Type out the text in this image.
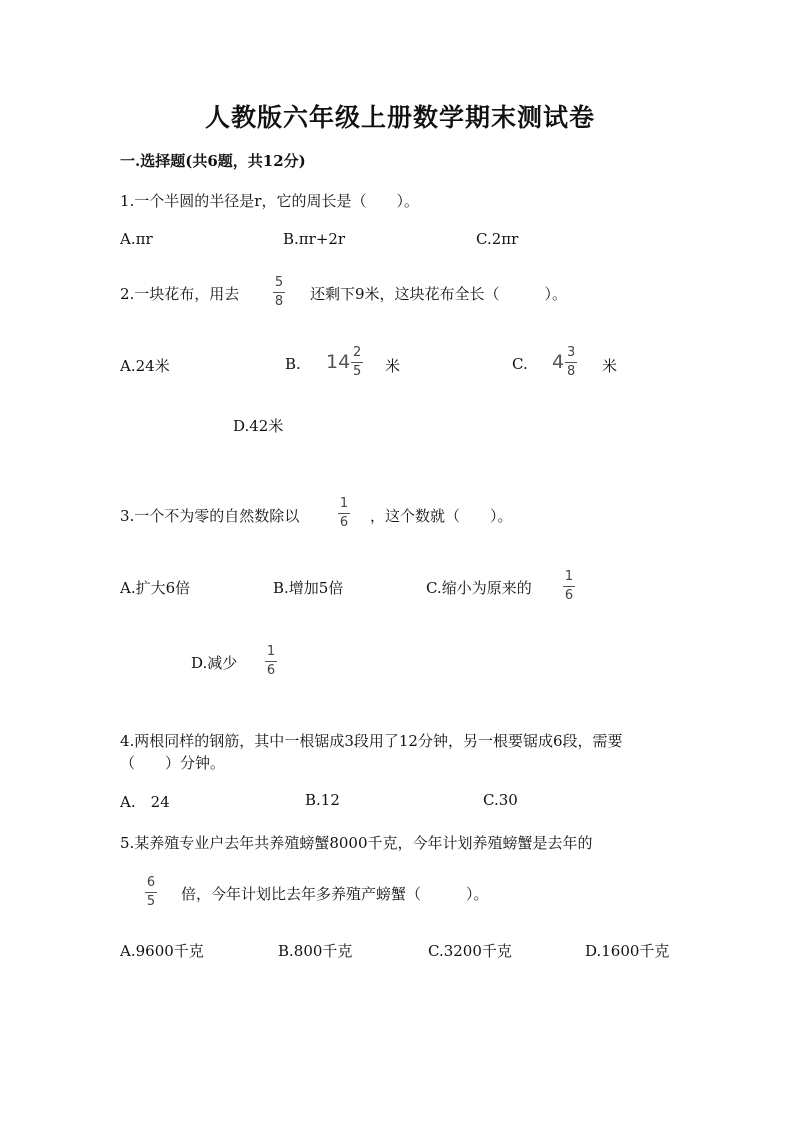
人教版六年级上册数学期末测试卷
一.选择题(共6题，共12分)
1.一个半圆的半径是r，它的周长是（　　）。
A.πr	B.πr+2r	C.2πr
2.一块花布，用去
5
8 还剩下9米，这块花布全长（　　　）。
A.24米	B. $14 \frac{2}{5}$ 米	C. $4 \frac{3}{8}$ 米
D.42米
3.一个不为零的自然数除以
1
6 ，这个数就（　　）。
A.扩大6倍	B.增加5倍	C.缩小为原来的
1
6
D.减少
1
6
4.两根同样的钢筋，其中一根锯成3段用了12分钟，另一根要锯成6段，需要
（　　）分钟。
A.　24	B.12	C.30
5.某养殖专业户去年共养殖螃蟹8000千克，今年计划养殖螃蟹是去年的
6
5 倍，今年计划比去年多养殖产螃蟹（　　　）。
A.9600千克	B.800千克	C.3200千克	D.1600千克
